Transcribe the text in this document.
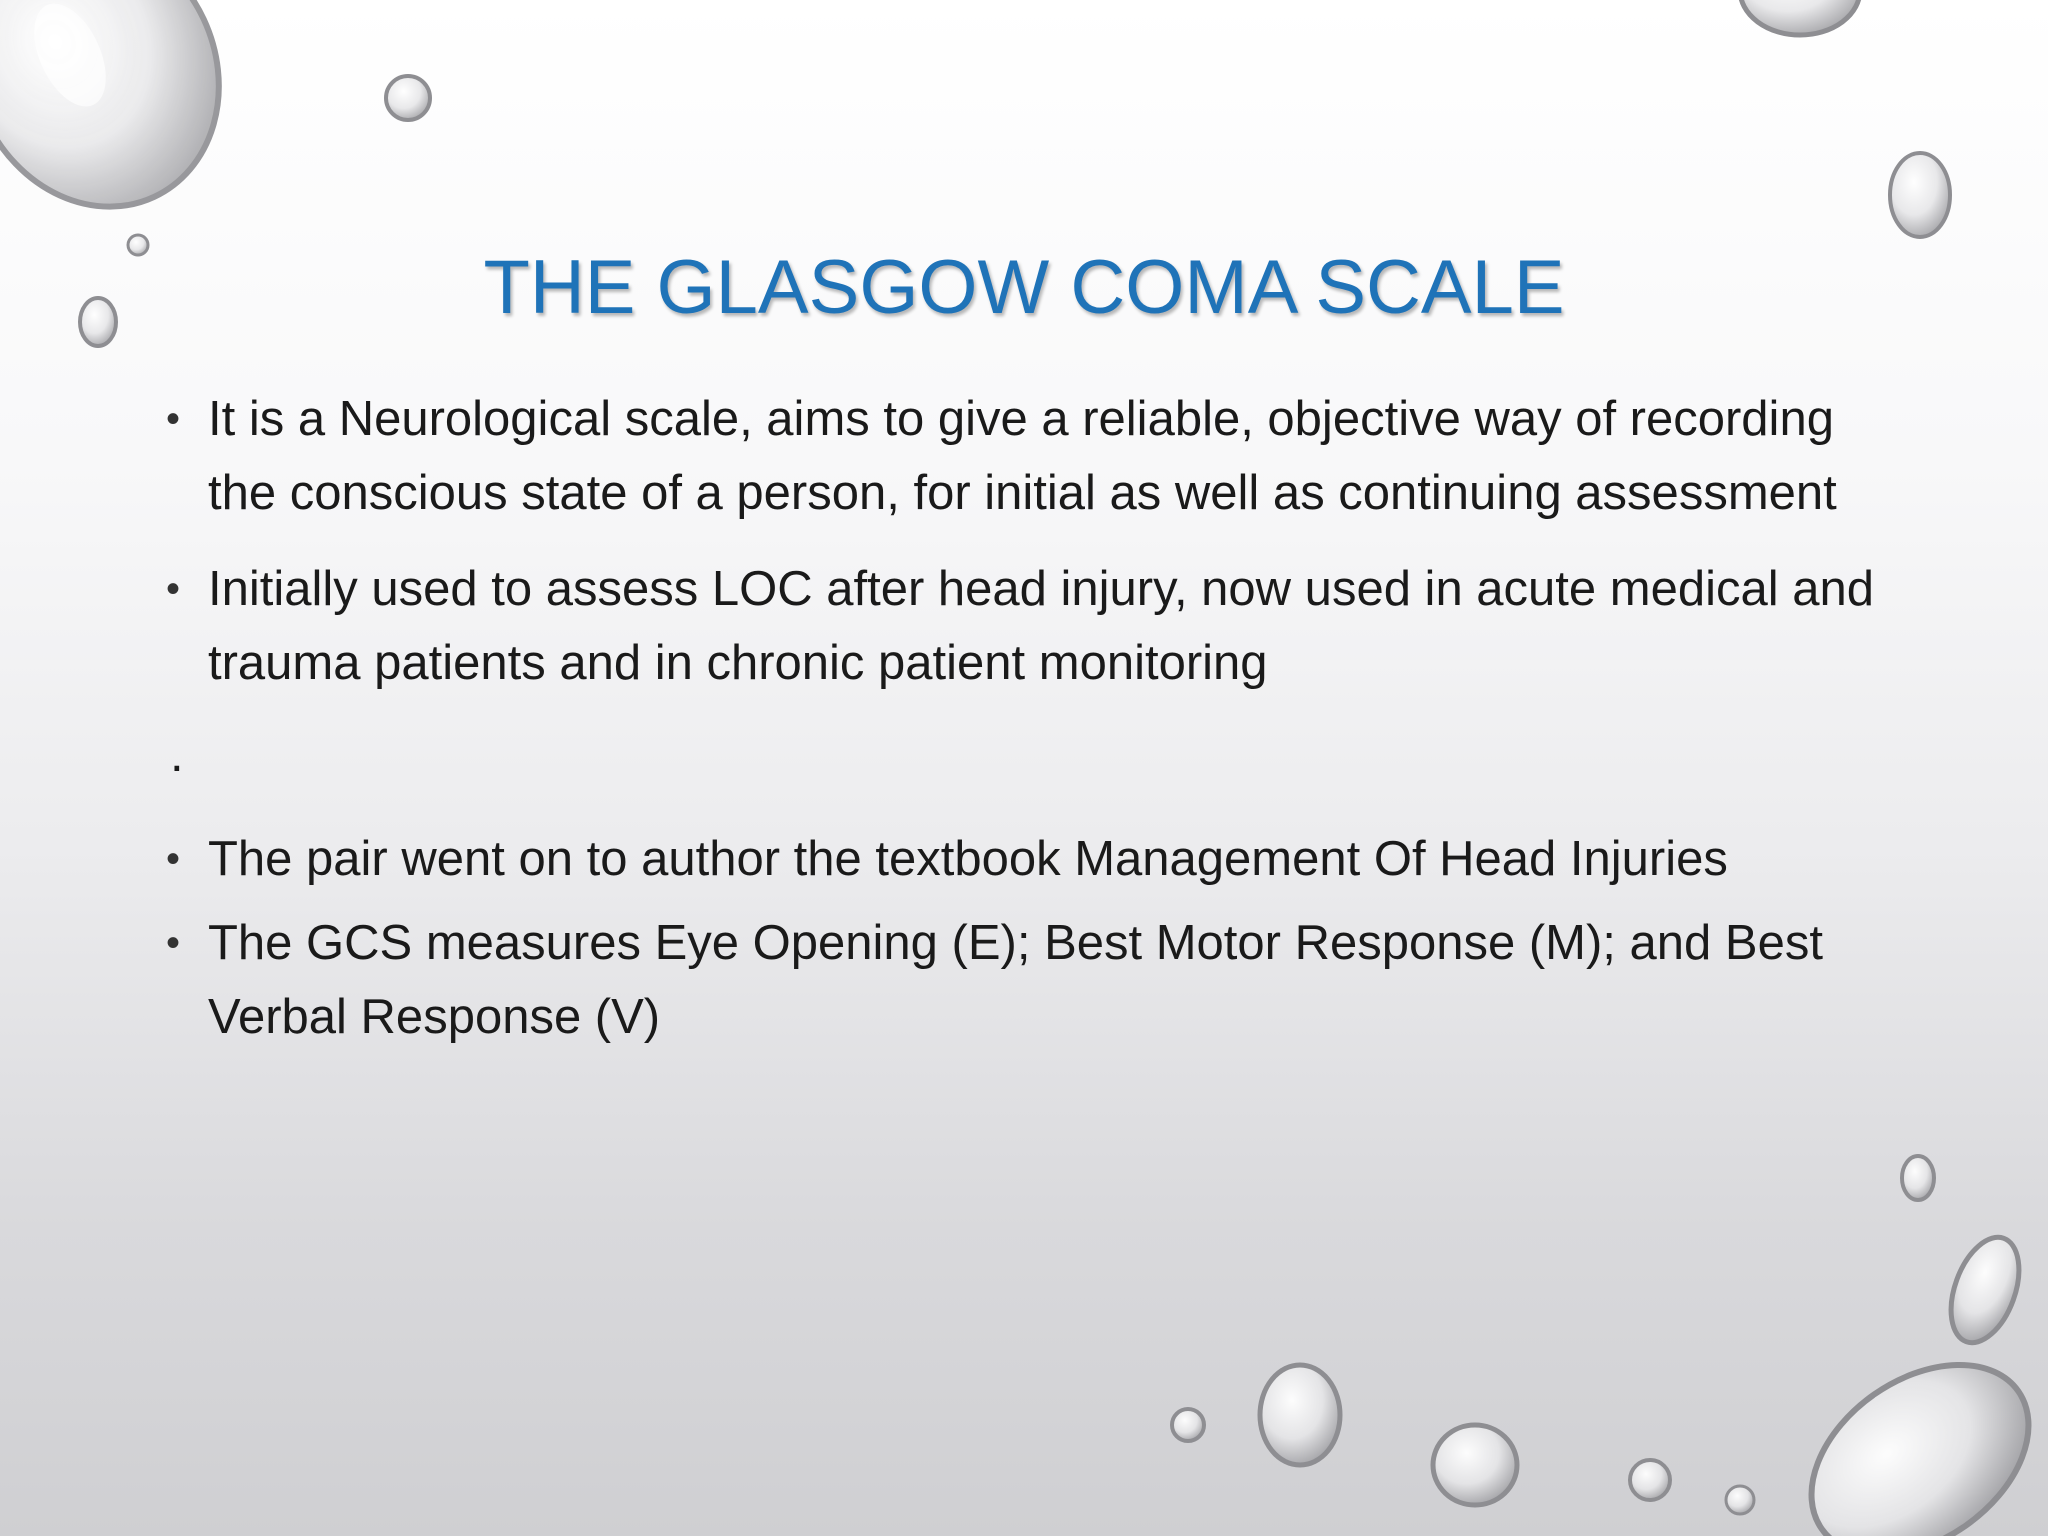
THE GLASGOW COMA SCALE
• It is a Neurological scale, aims to give a reliable, objective way of recording the conscious state of a person, for initial as well as continuing assessment
• Initially used to assess LOC after head injury, now used in acute medical and trauma patients and in chronic patient monitoring
.
• The pair went on to author the textbook Management Of Head Injuries
• The GCS measures Eye Opening (E); Best Motor Response (M); and Best Verbal Response (V)
